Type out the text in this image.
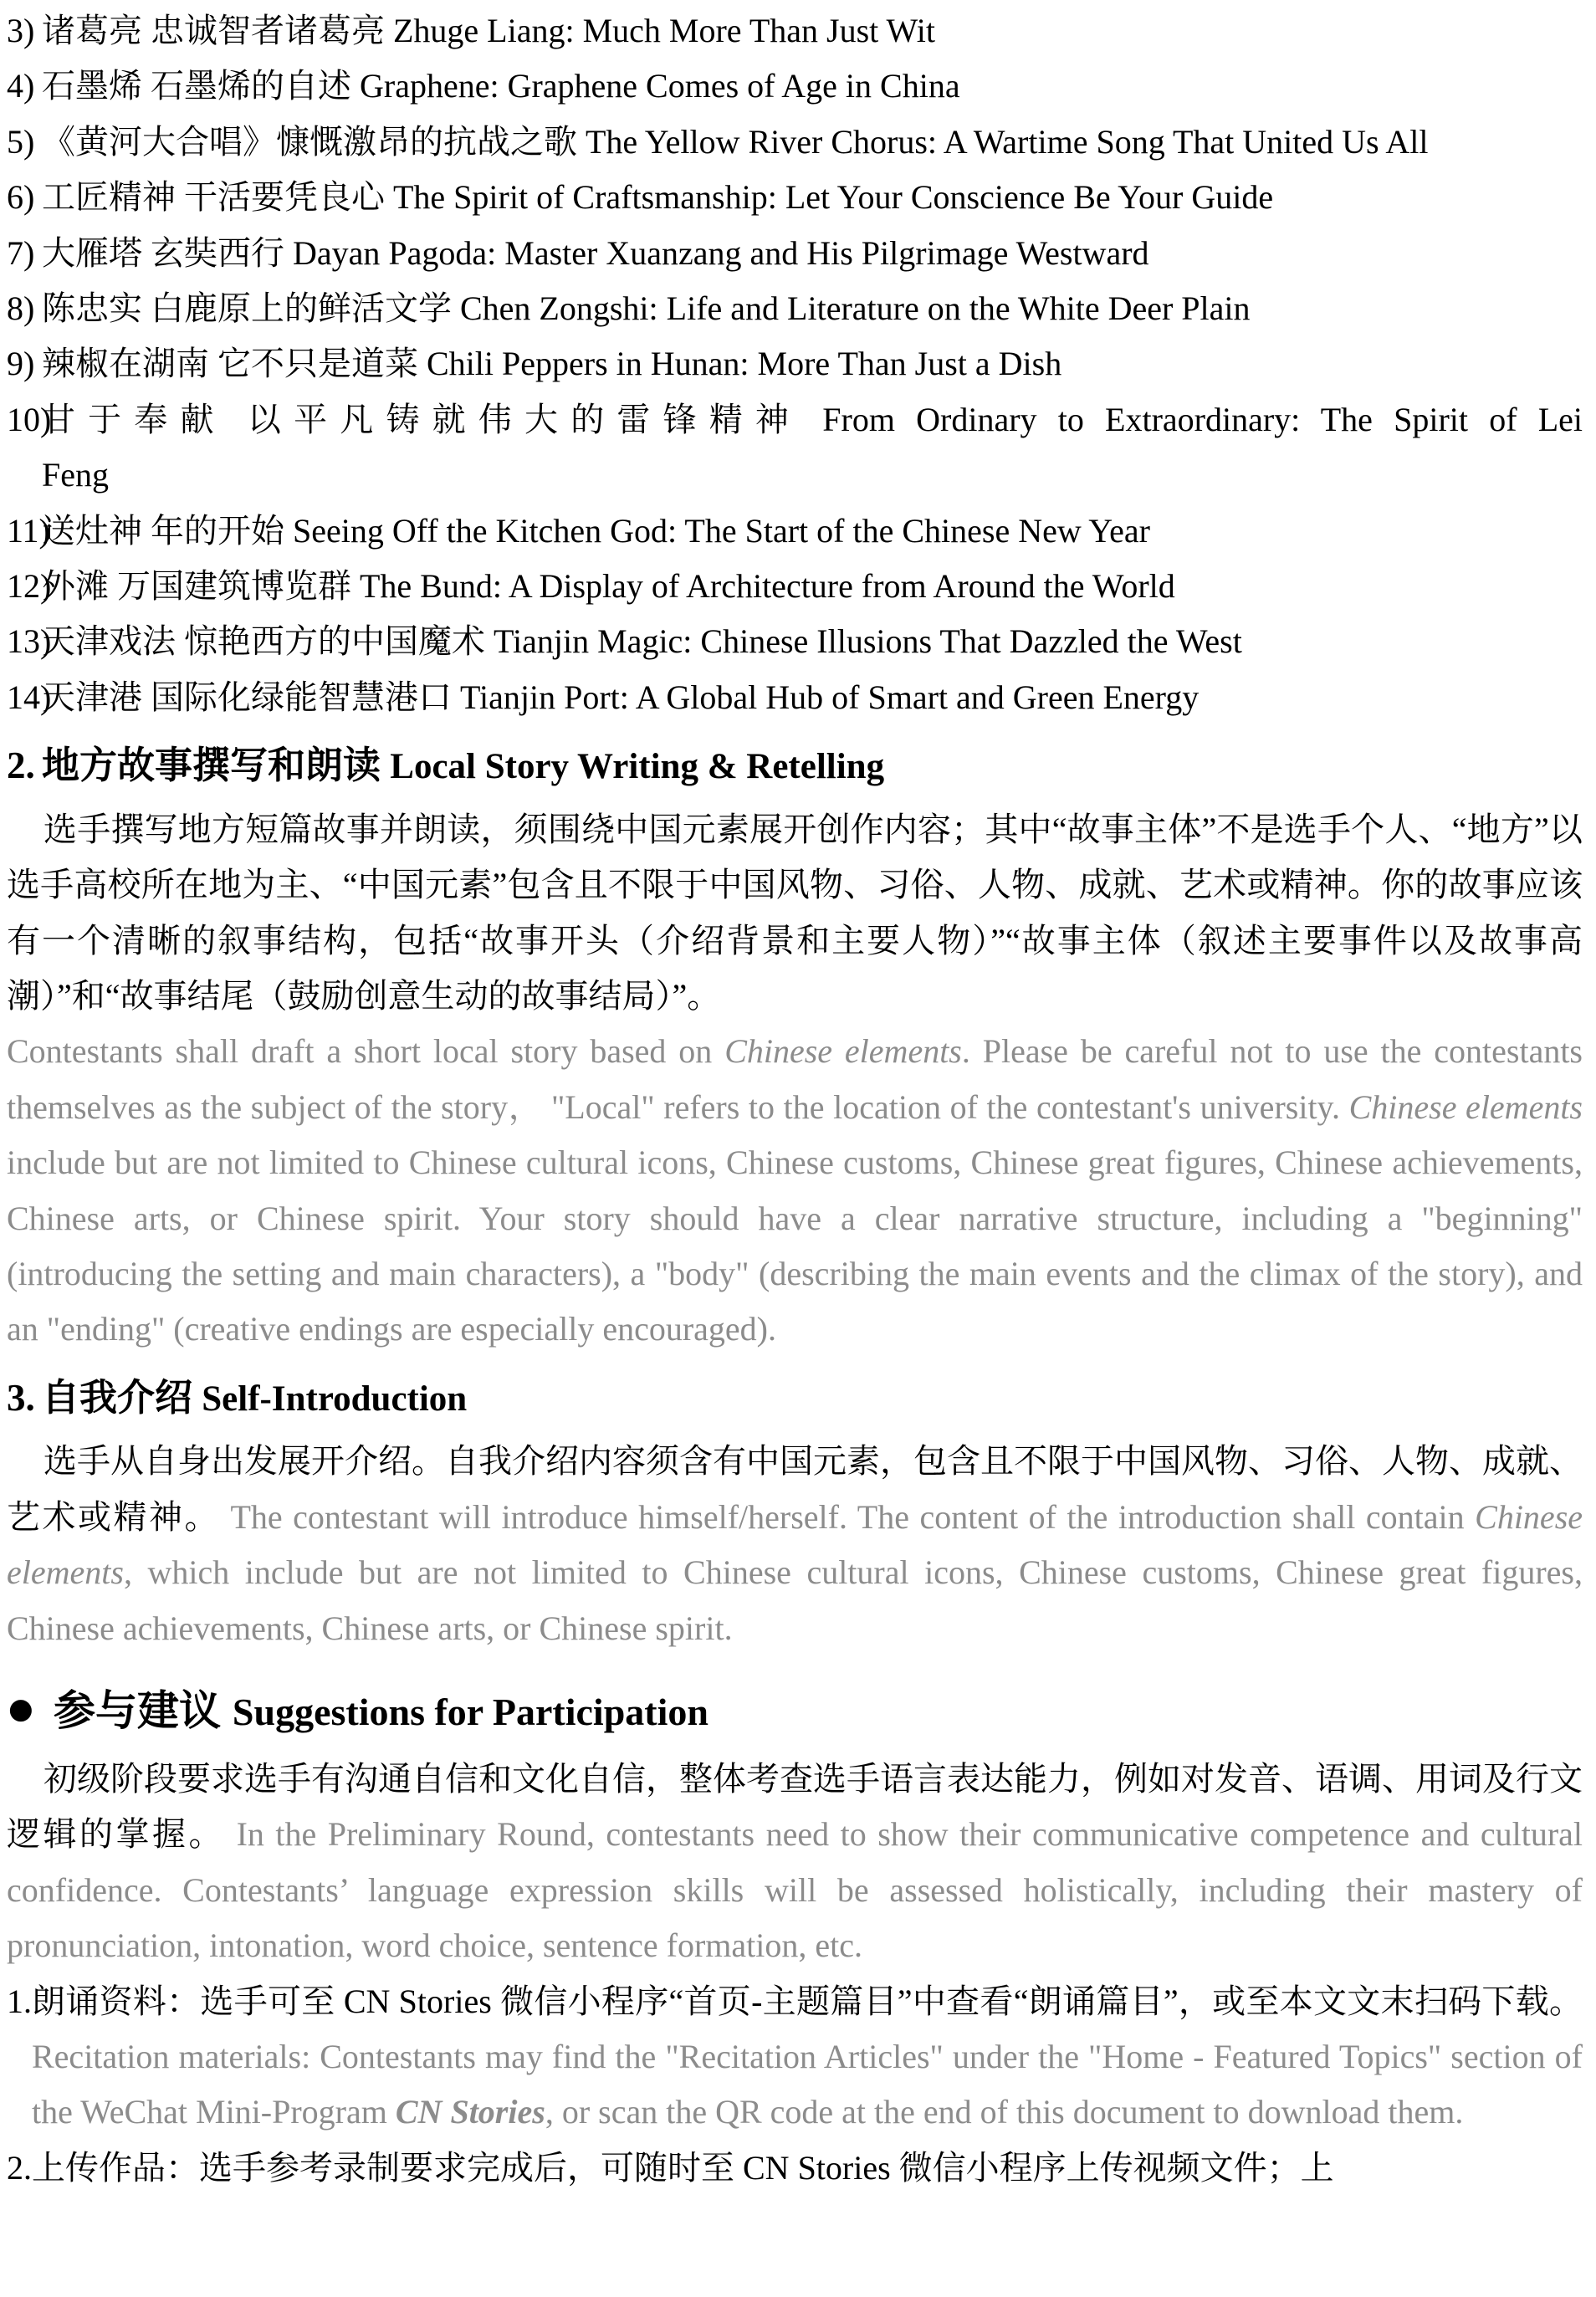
3) 诸葛亮 忠诚智者诸葛亮 Zhuge Liang: Much More Than Just Wit
4) 石墨烯 石墨烯的自述 Graphene: Graphene Comes of Age in China
5) 《黄河大合唱》慷慨激昂的抗战之歌 The Yellow River Chorus: A Wartime Song That United Us All
6) 工匠精神 干活要凭良心 The Spirit of Craftsmanship: Let Your Conscience Be Your Guide
7) 大雁塔 玄奘西行 Dayan Pagoda: Master Xuanzang and His Pilgrimage Westward
8) 陈忠实 白鹿原上的鲜活文学 Chen Zongshi: Life and Literature on the White Deer Plain
9) 辣椒在湖南 它不只是道菜 Chili Peppers in Hunan: More Than Just a Dish
10)
甘于奉献 以平凡铸就伟大的雷锋精神 From Ordinary to Extraordinary: The Spirit of Lei
Feng
11)
送灶神 年的开始 Seeing Off the Kitchen God: The Start of the Chinese New Year
12)
外滩 万国建筑博览群 The Bund: A Display of Architecture from Around the World
13)
天津戏法 惊艳西方的中国魔术 Tianjin Magic: Chinese Illusions That Dazzled the West
14)
天津港 国际化绿能智慧港口 Tianjin Port: A Global Hub of Smart and Green Energy
2. 地方故事撰写和朗读 Local Story Writing & Retelling

选手撰写地方短篇故事并朗读，须围绕中国元素展开创作内容；其中“故事主体”不是选手个人、“地方”以选手高校所在地为主、“中国元素”包含且不限于中国风物、习俗、人物、成就、艺术或精神。你的故事应该有一个清晰的叙事结构，包括“故事开头（介绍背景和主要人物）”“故事主体（叙述主要事件以及故事高潮）”和“故事结尾（鼓励创意生动的故事结局）”。

Contestants shall draft a short local story based on Chinese elements. Please be careful not to use the contestants themselves as the subject of the story， "Local" refers to the location of the contestant's university. Chinese elements include but are not limited to Chinese cultural icons, Chinese customs, Chinese great figures, Chinese achievements, Chinese arts, or Chinese spirit. Your story should have a clear narrative structure, including a "beginning" (introducing the setting and main characters), a "body" (describing the main events and the climax of the story), and an "ending" (creative endings are especially encouraged).

3. 自我介绍 Self-Introduction

选手从自身出发展开介绍。自我介绍内容须含有中国元素，包含且不限于中国风物、习俗、人物、成就、艺术或精神。 The contestant will introduce himself/herself. The content of the introduction shall contain Chinese elements, which include but are not limited to Chinese cultural icons, Chinese customs, Chinese great figures, Chinese achievements, Chinese arts, or Chinese spirit.

● 参与建议 Suggestions for Participation

初级阶段要求选手有沟通自信和文化自信，整体考查选手语言表达能力，例如对发音、语调、用词及行文逻辑的掌握。 In the Preliminary Round, contestants need to show their communicative competence and cultural confidence. Contestants’ language expression skills will be assessed holistically, including their mastery of pronunciation, intonation, word choice, sentence formation, etc.

1. 朗诵资料：选手可至 CN Stories 微信小程序“首页-主题篇目”中查看“朗诵篇目”，或至本文文末扫码下载。 Recitation materials: Contestants may find the "Recitation Articles" under the "Home - Featured Topics" section of the WeChat Mini-Program CN Stories, or scan the QR code at the end of this document to download them.
2. 上传作品：选手参考录制要求完成后，可随时至 CN Stories 微信小程序上传视频文件；上
